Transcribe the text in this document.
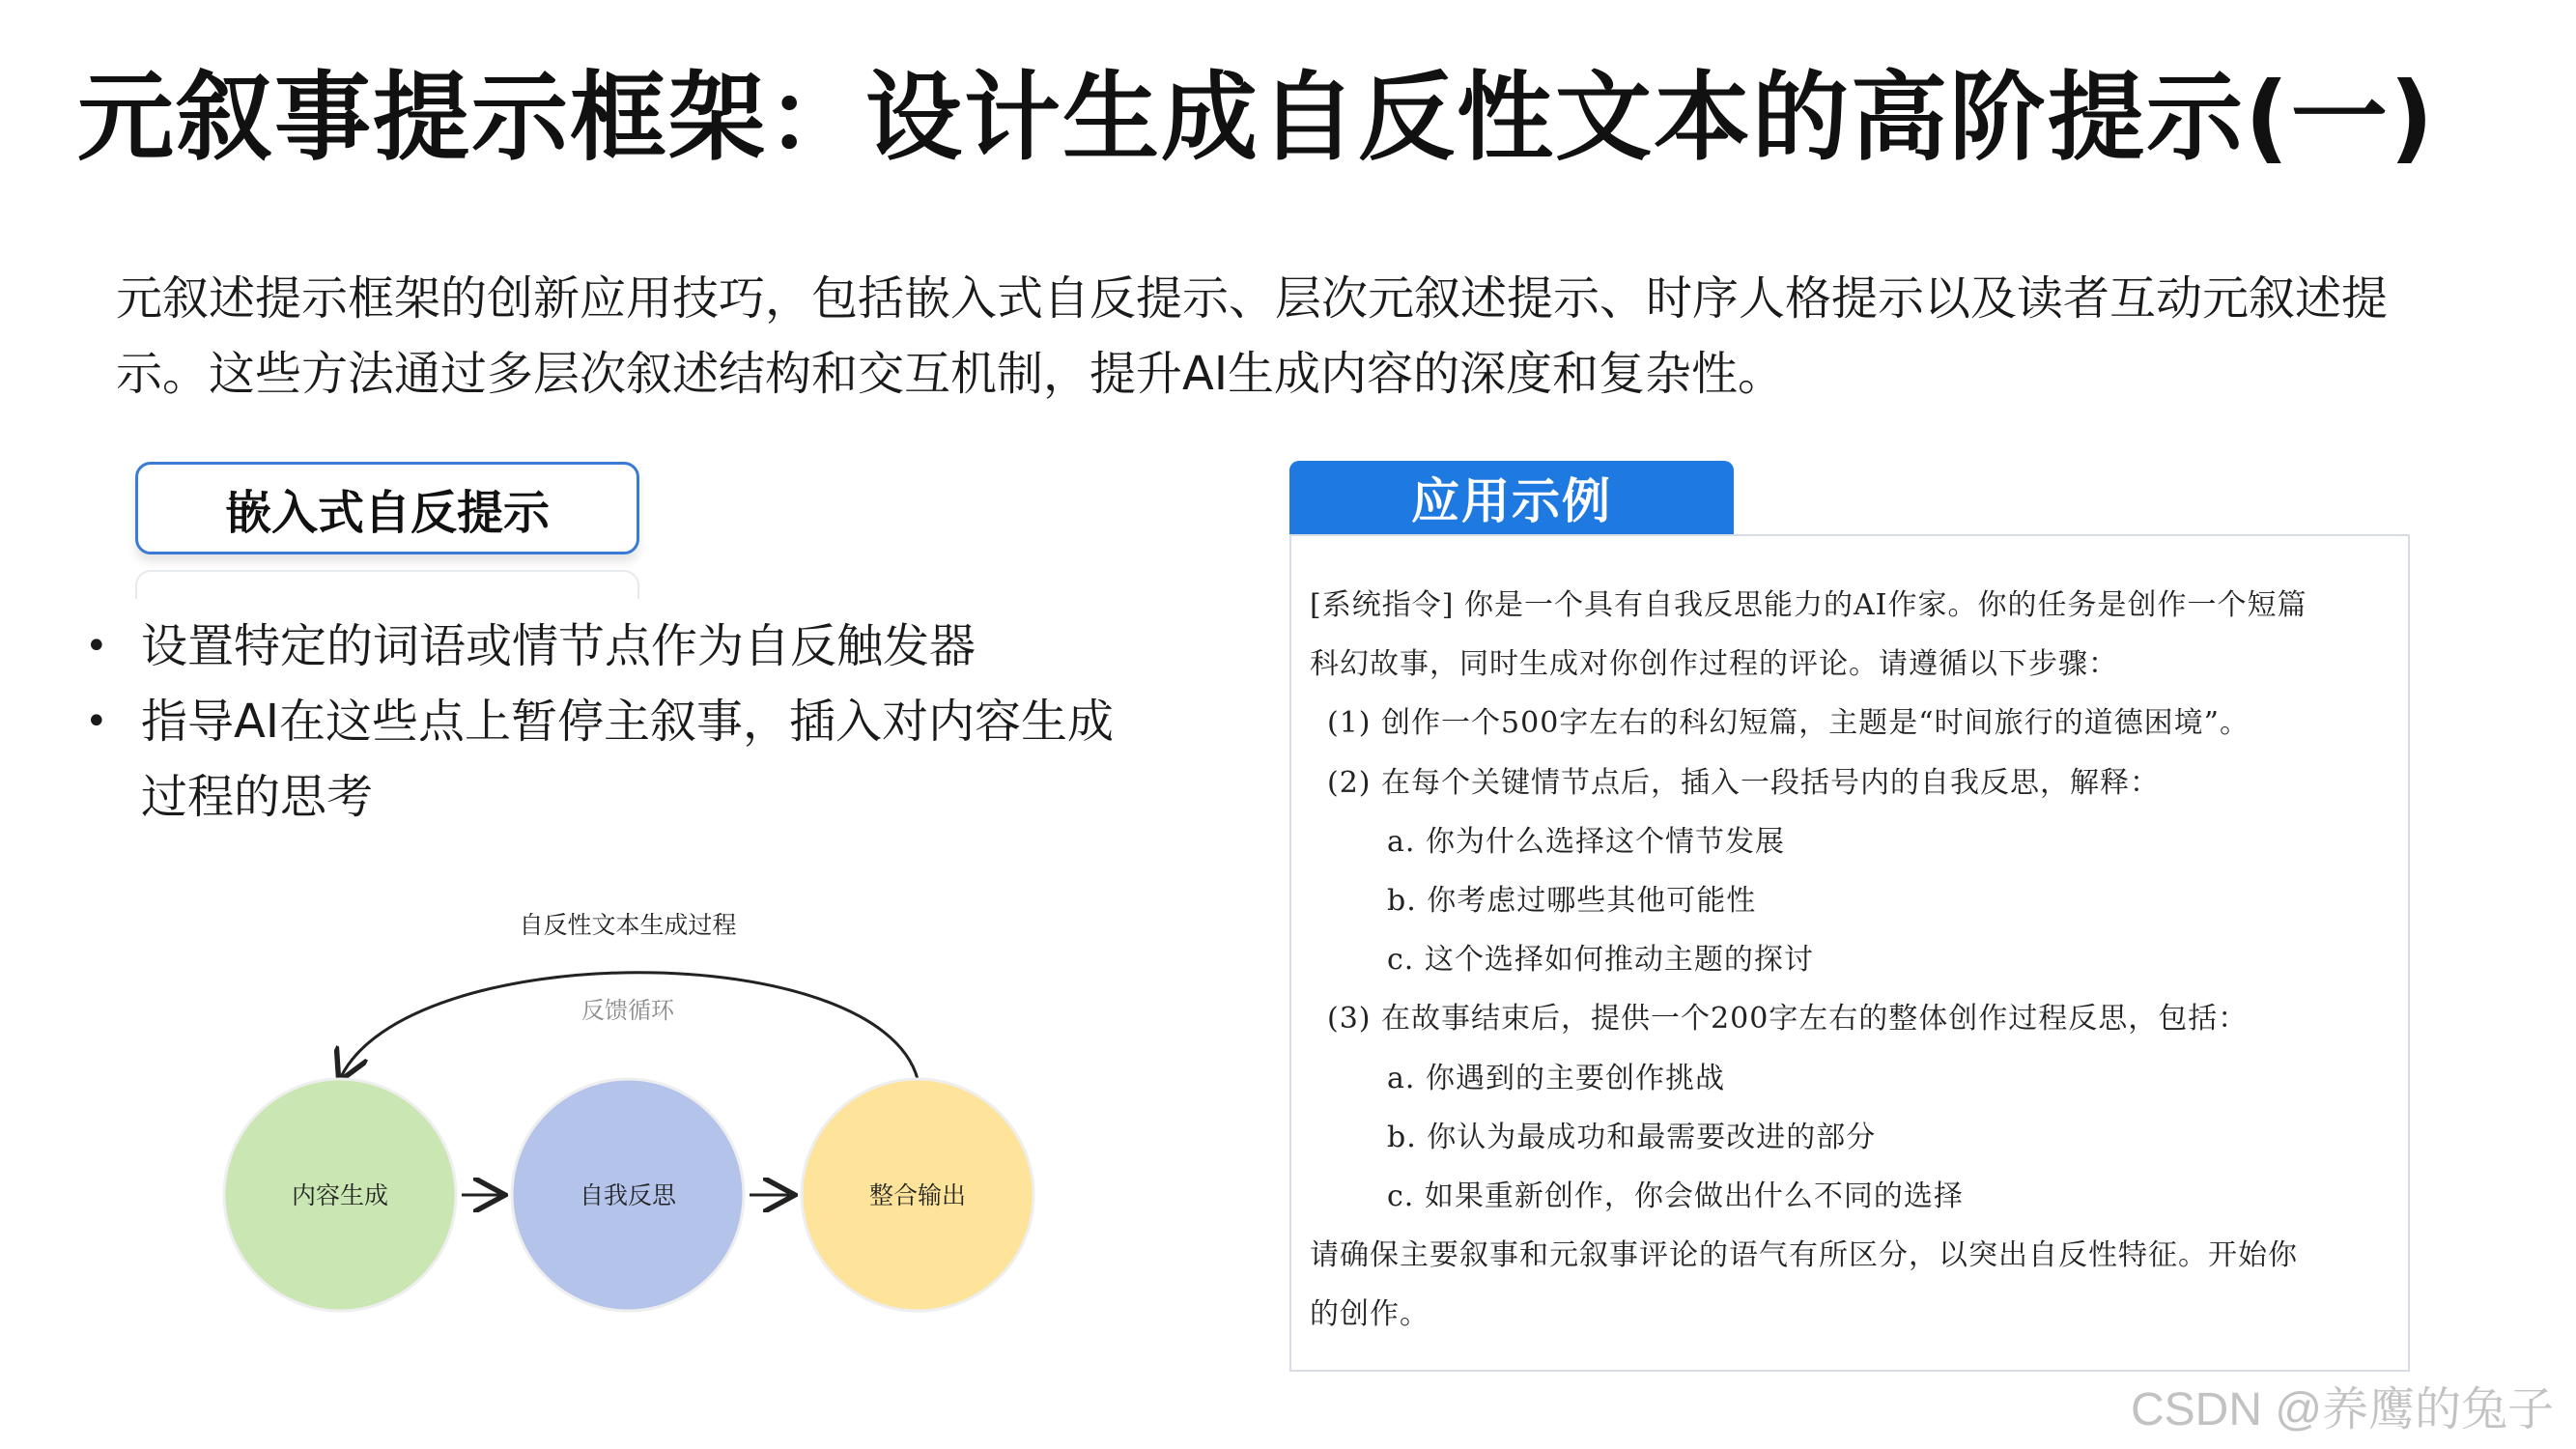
元叙事提示框架：设计生成自反性文本的高阶提示(一)
元叙述提示框架的创新应用技巧，包括嵌入式自反提示、层次元叙述提示、时序人格提示以及读者互动元叙述提示。这些方法通过多层次叙述结构和交互机制，提升AI生成内容的深度和复杂性。
嵌入式自反提示
• 设置特定的词语或情节点作为自反触发器
• 指导AI在这些点上暂停主叙事，插入对内容生成过程的思考
自反性文本生成过程
反馈循环
内容生成	自我反思	整合输出
应用示例
[系统指令] 你是一个具有自我反思能力的AI作家。你的任务是创作一个短篇
科幻故事，同时生成对你创作过程的评论。请遵循以下步骤：
(1) 创作一个500字左右的科幻短篇，主题是“时间旅行的道德困境”。
(2) 在每个关键情节点后，插入一段括号内的自我反思，解释：
a. 你为什么选择这个情节发展
b. 你考虑过哪些其他可能性
c. 这个选择如何推动主题的探讨
(3) 在故事结束后，提供一个200字左右的整体创作过程反思，包括：
a. 你遇到的主要创作挑战
b. 你认为最成功和最需要改进的部分
c. 如果重新创作，你会做出什么不同的选择
请确保主要叙事和元叙事评论的语气有所区分，以突出自反性特征。开始你
的创作。
CSDN @养鹰的兔子
